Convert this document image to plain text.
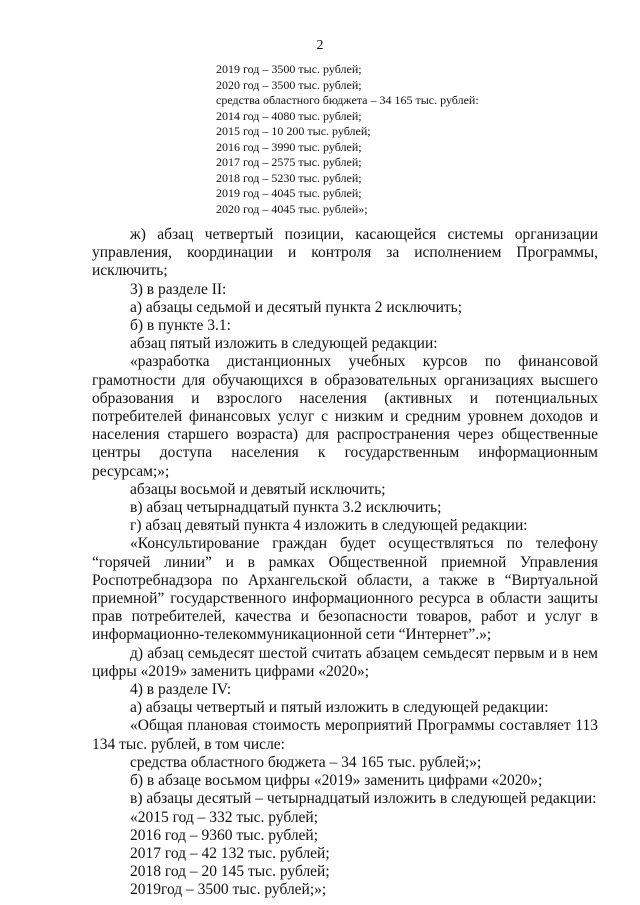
2
2019 год – 3500 тыс. рублей;
2020 год – 3500 тыс. рублей;
средства областного бюджета – 34 165 тыс. рублей:
2014 год – 4080 тыс. рублей;
2015 год – 10 200 тыс. рублей;
2016 год – 3990 тыс. рублей;
2017 год – 2575 тыс. рублей;
2018 год – 5230 тыс. рублей;
2019 год – 4045 тыс. рублей;
2020 год – 4045 тыс. рублей»;

ж) абзац четвертый позиции, касающейся системы организации управления, координации и контроля за исполнением Программы, исключить;

3) в разделе II:

а) абзацы седьмой и десятый пункта 2 исключить;

б) в пункте 3.1:

абзац пятый изложить в следующей редакции:

«разработка дистанционных учебных курсов по финансовой грамотности для обучающихся в образовательных организациях высшего образования и взрослого населения (активных и потенциальных потребителей финансовых услуг с низким и средним уровнем доходов и населения старшего возраста) для распространения через общественные центры доступа населения к государственным информационным ресурсам;»;

абзацы восьмой и девятый исключить;

в) абзац четырнадцатый пункта 3.2 исключить;

г) абзац девятый пункта 4 изложить в следующей редакции:

«Консультирование граждан будет осуществляться по телефону “горячей линии” и в рамках Общественной приемной Управления Роспотребнадзора по Архангельской области, а также в “Виртуальной приемной” государственного информационного ресурса в области защиты прав потребителей, качества и безопасности товаров, работ и услуг в информационно-телекоммуникационной сети “Интернет”.»;

д) абзац семьдесят шестой считать абзацем семьдесят первым и в нем цифры «2019» заменить цифрами «2020»;

4) в разделе IV:

а) абзацы четвертый и пятый изложить в следующей редакции:

«Общая плановая стоимость мероприятий Программы составляет 113 134 тыс. рублей, в том числе:

средства областного бюджета – 34 165 тыс. рублей;»;

б) в абзаце восьмом цифры «2019» заменить цифрами «2020»;

в) абзацы десятый – четырнадцатый изложить в следующей редакции:

«2015 год – 332 тыс. рублей;

2016 год – 9360 тыс. рублей;

2017 год – 42 132 тыс. рублей;

2018 год – 20 145 тыс. рублей;

2019год – 3500 тыс. рублей;»;
